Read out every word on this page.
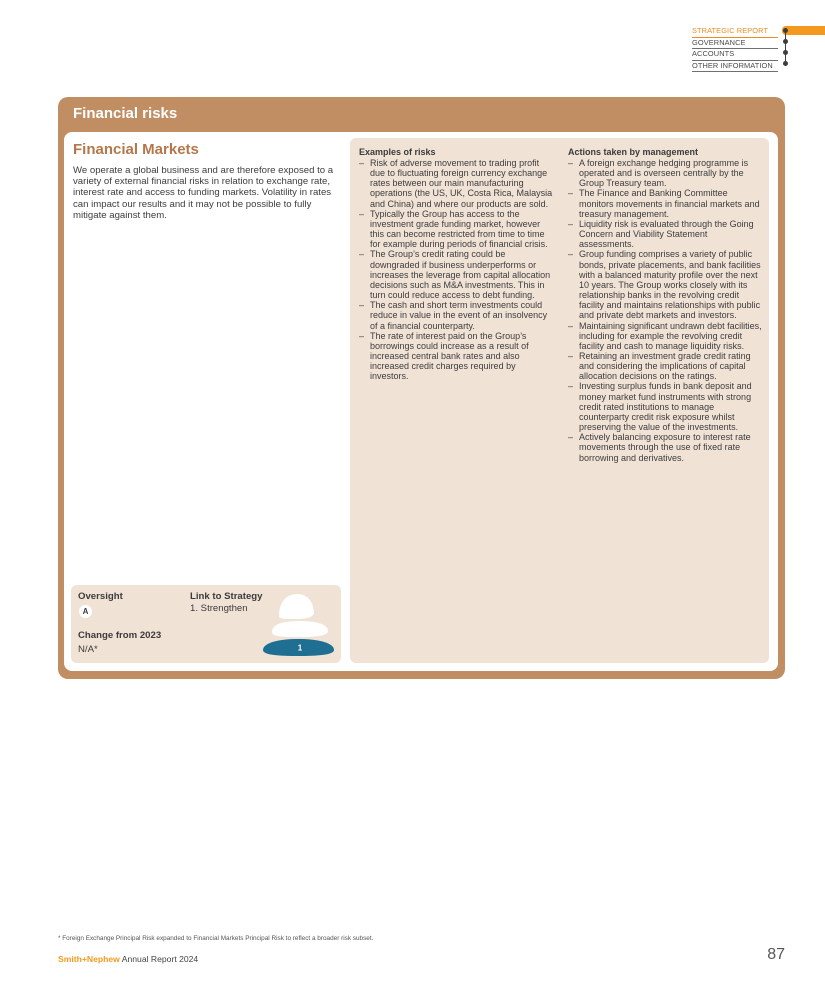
STRATEGIC REPORT
GOVERNANCE
ACCOUNTS
OTHER INFORMATION
Financial risks
Financial Markets
We operate a global business and are therefore exposed to a variety of external financial risks in relation to exchange rate, interest rate and access to funding markets. Volatility in rates can impact our results and it may not be possible to fully mitigate against them.
Oversight
A
Change from 2023
N/A*
Link to Strategy
1. Strengthen
1
Examples of risks
– Risk of adverse movement to trading profit due to fluctuating foreign currency exchange rates between our main manufacturing operations (the US, UK, Costa Rica, Malaysia and China) and where our products are sold.
– Typically the Group has access to the investment grade funding market, however this can become restricted from time to time for example during periods of financial crisis.
– The Group’s credit rating could be downgraded if business underperforms or increases the leverage from capital allocation decisions such as M&A investments. This in turn could reduce access to debt funding.
– The cash and short term investments could reduce in value in the event of an insolvency of a financial counterparty.
– The rate of interest paid on the Group’s borrowings could increase as a result of increased central bank rates and also increased credit charges required by investors.
Actions taken by management
– A foreign exchange hedging programme is operated and is overseen centrally by the Group Treasury team.
– The Finance and Banking Committee monitors movements in financial markets and treasury management.
– Liquidity risk is evaluated through the Going Concern and Viability Statement assessments.
– Group funding comprises a variety of public bonds, private placements, and bank facilities with a balanced maturity profile over the next 10 years. The Group works closely with its relationship banks in the revolving credit facility and maintains relationships with public and private debt markets and investors.
– Maintaining significant undrawn debt facilities, including for example the revolving credit facility and cash to manage liquidity risks.
– Retaining an investment grade credit rating and considering the implications of capital allocation decisions on the ratings.
– Investing surplus funds in bank deposit and money market fund instruments with strong credit rated institutions to manage counterparty credit risk exposure whilst preserving the value of the investments.
– Actively balancing exposure to interest rate movements through the use of fixed rate borrowing and derivatives.
* Foreign Exchange Principal Risk expanded to Financial Markets Principal Risk to reflect a broader risk subset.
Smith+Nephew Annual Report 2024	87
